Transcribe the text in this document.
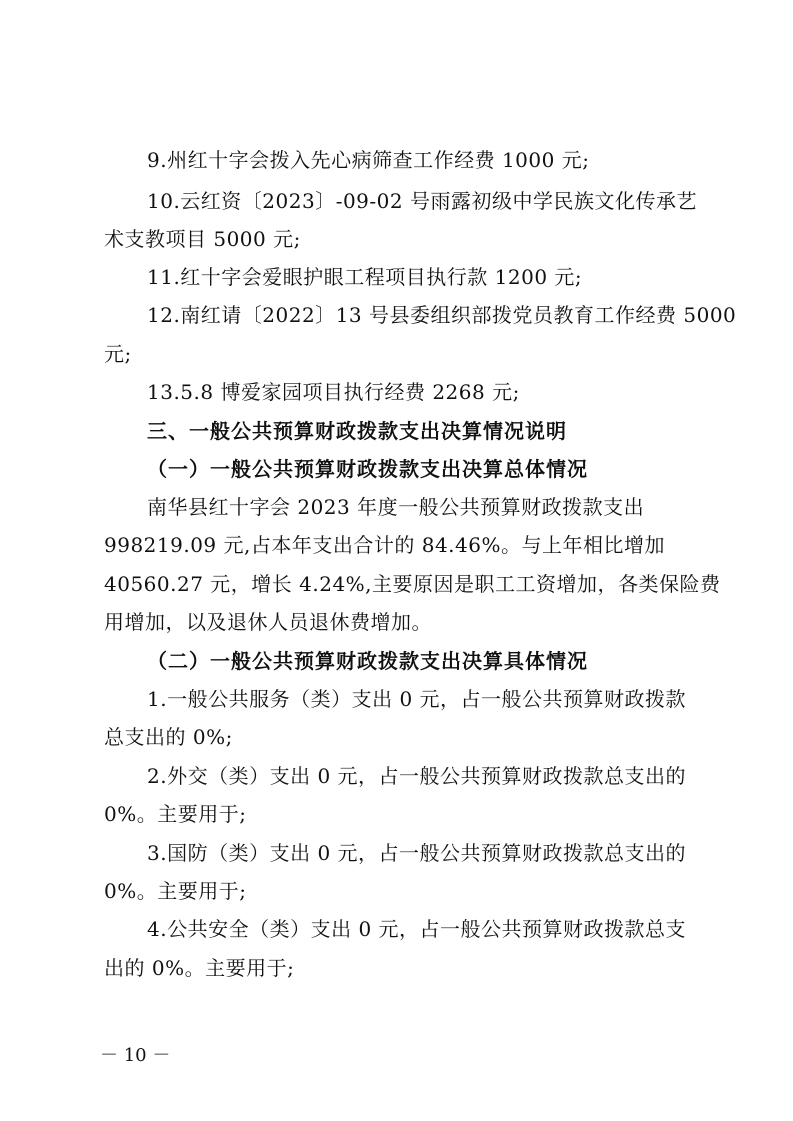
9.州红十字会拨入先心病筛查工作经费 1000 元;
10.云红资〔2023〕-09-02 号雨露初级中学民族文化传承艺
术支教项目 5000 元;
11.红十字会爱眼护眼工程项目执行款 1200 元;
12.南红请〔2022〕13 号县委组织部拨党员教育工作经费 5000
元;
13.5.8 博爱家园项目执行经费 2268 元;
三、一般公共预算财政拨款支出决算情况说明
（一）一般公共预算财政拨款支出决算总体情况
南华县红十字会 2023 年度一般公共预算财政拨款支出
998219.09 元,占本年支出合计的 84.46%。与上年相比增加
40560.27 元，增长 4.24%,主要原因是职工工资增加，各类保险费
用增加，以及退休人员退休费增加。
（二）一般公共预算财政拨款支出决算具体情况
1.一般公共服务（类）支出 0 元，占一般公共预算财政拨款
总支出的 0%;
2.外交（类）支出 0 元，占一般公共预算财政拨款总支出的
0%。主要用于;
3.国防（类）支出 0 元，占一般公共预算财政拨款总支出的
0%。主要用于;
4.公共安全（类）支出 0 元，占一般公共预算财政拨款总支
出的 0%。主要用于;
－ 10 －
